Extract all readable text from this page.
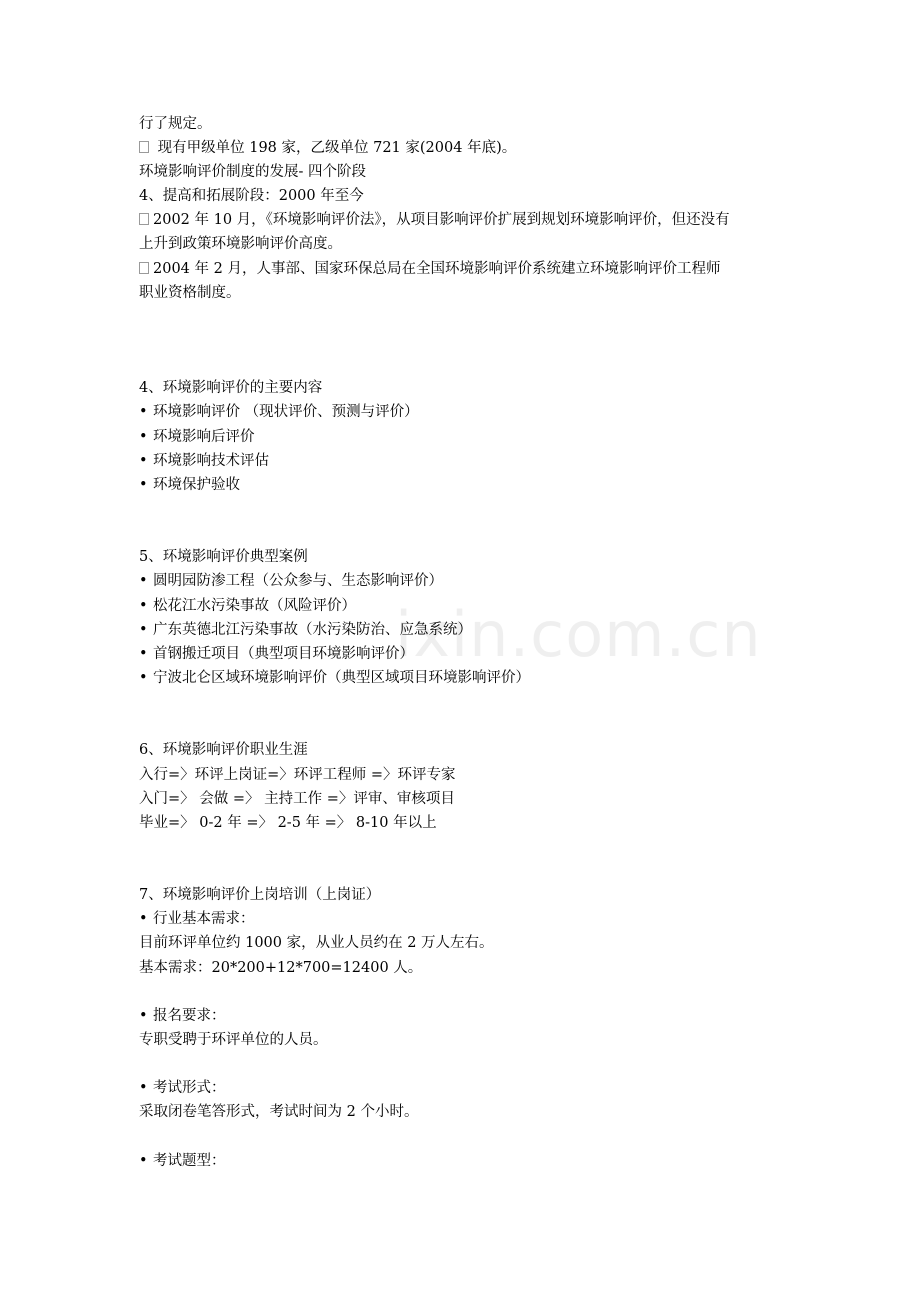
ixin.com.cn

行了规定。

现有甲级单位 198 家，乙级单位 721 家(2004 年底)。

环境影响评价制度的发展- 四个阶段

4、提高和拓展阶段：2000 年至今

2002 年 10 月，《环境影响评价法》，从项目影响评价扩展到规划环境影响评价，但还没有

上升到政策环境影响评价高度。

2004 年 2 月，人事部、国家环保总局在全国环境影响评价系统建立环境影响评价工程师

职业资格制度。

4、环境影响评价的主要内容

• 环境影响评价 （现状评价、预测与评价）

• 环境影响后评价

• 环境影响技术评估

• 环境保护验收

5、环境影响评价典型案例

• 圆明园防渗工程（公众参与、生态影响评价）

• 松花江水污染事故（风险评价）

• 广东英德北江污染事故（水污染防治、应急系统）

• 首钢搬迁项目（典型项目环境影响评价）

• 宁波北仑区域环境影响评价（典型区域项目环境影响评价）

6、环境影响评价职业生涯

入行=〉环评上岗证=〉环评工程师 =〉环评专家

入门=〉 会做 =〉 主持工作 =〉评审、审核项目

毕业=〉 0-2 年 =〉 2-5 年 =〉 8-10 年以上

7、环境影响评价上岗培训（上岗证）

• 行业基本需求：

目前环评单位约 1000 家，从业人员约在 2 万人左右。

基本需求：20*200+12*700=12400 人。

• 报名要求：

专职受聘于环评单位的人员。

• 考试形式：

采取闭卷笔答形式，考试时间为 2 个小时。

• 考试题型：
